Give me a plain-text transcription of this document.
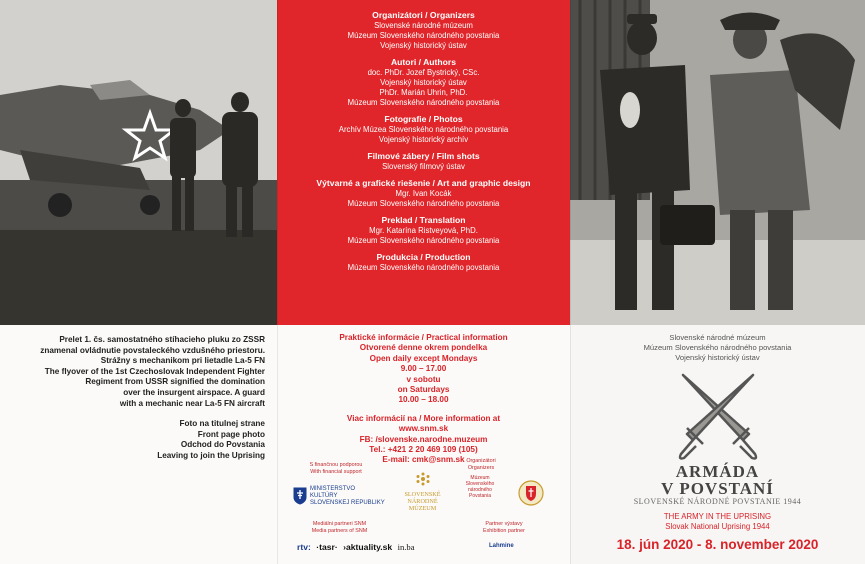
Organizátori / Organizers
Slovenské národné múzeum
Múzeum Slovenského národného povstania
Vojenský historický ústav
Autori / Authors
doc. PhDr. Jozef Bystrický, CSc.
Vojenský historický ústav
PhDr. Marián Uhrin, PhD.
Múzeum Slovenského národného povstania
Fotografie / Photos
Archív Múzea Slovenského národného povstania
Vojenský historický archív
Filmové zábery / Film shots
Slovenský filmový ústav
Výtvarné a grafické riešenie / Art and graphic design
Mgr. Ivan Kocák
Múzeum Slovenského národného povstania
Preklad / Translation
Mgr. Katarína Ristveyová, PhD.
Múzeum Slovenského národného povstania
Produkcia / Production
Múzeum Slovenského národného povstania

Prelet 1. čs. samostatného stíhacieho pluku zo ZSSR

znamenal ovládnutie povstaleckého vzdušného priestoru.

Strážny s mechanikom pri lietadle La-5 FN

The flyover of the 1st Czechoslovak Independent Fighter

Regiment from USSR signified the domination

over the insurgent airspace. A guard

with a mechanic near La-5 FN aircraft

Foto na titulnej strane

Front page photo

Odchod do Povstania

Leaving to join the Uprising

Praktické informácie / Practical information
Otvorené denne okrem pondelka
Open daily except Mondays
9.00 – 17.00
v sobotu
on Saturdays
10.00 – 18.00
Viac informácií na / More information at
www.snm.sk
FB: /slovenske.narodne.muzeum
Tel.: +421 2 20 469 109 (105)
E-mail: cmk@snm.sk
S finančnou podporou
With financial support
MINISTERSTVO
KULTÚRY
SLOVENSKEJ REPUBLIKY
SLOVENSKÉ
NÁRODNÉ
MÚZEUM
Organizátori
Organizers
Múzeum
Slovenského
národného
Povstania
Mediálni partneri SNM
Media partners of SNM
Partner výstavy
Exhibition partner
rtv: ·tasr· ›aktuality.sk in.ba	Lahmine
Slovenské národné múzeum
Múzeum Slovenského národného povstania
Vojenský historický ústav
ARMÁDA
V POVSTANÍ
SLOVENSKÉ NÁRODNÉ POVSTANIE 1944
THE ARMY IN THE UPRISING
Slovak National Uprising 1944
18. jún 2020 - 8. november 2020
